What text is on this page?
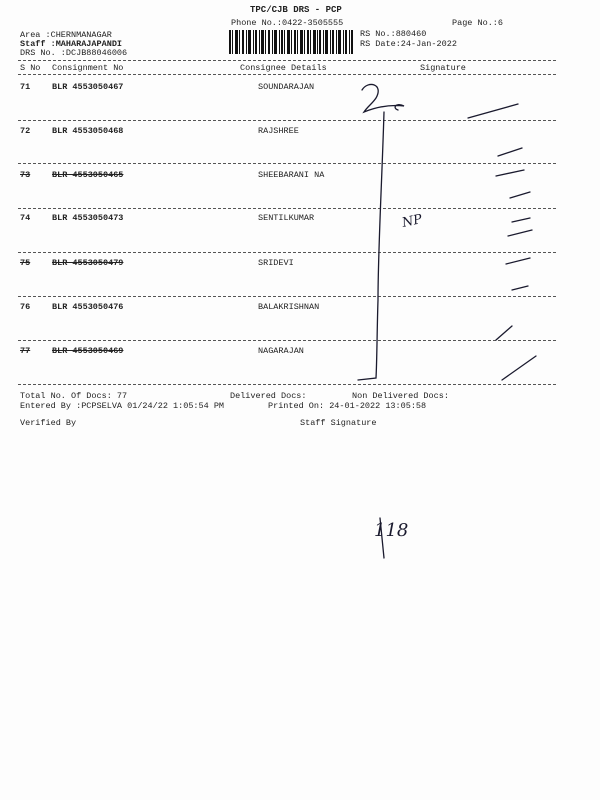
TPC/CJB DRS - PCP
Phone No.:0422-3505555	Page No.:6
Area :CHERNMANAGAR
Staff :MAHARAJAPANDI
DRS No. :DCJB88046006
RS No.:880460
RS Date:24-Jan-2022
S No Consignment No	Consignee Details	Signature
71	BLR 4553050467	SOUNDARAJAN
72	BLR 4553050468	RAJSHREE
73	BLR 4553050465	SHEEBARANI NA
74	BLR 4553050473	SENTILKUMAR
75	BLR 4553050479	SRIDEVI
76	BLR 4553050476	BALAKRISHNAN
77	BLR 4553050469	NAGARAJAN
Total No. Of Docs: 77	Delivered Docs:	Non Delivered Docs:
Entered By :PCPSELVA 01/24/22 1:05:54 PM	Printed On: 24-01-2022 13:05:58
Verified By	Staff Signature
NP
118
